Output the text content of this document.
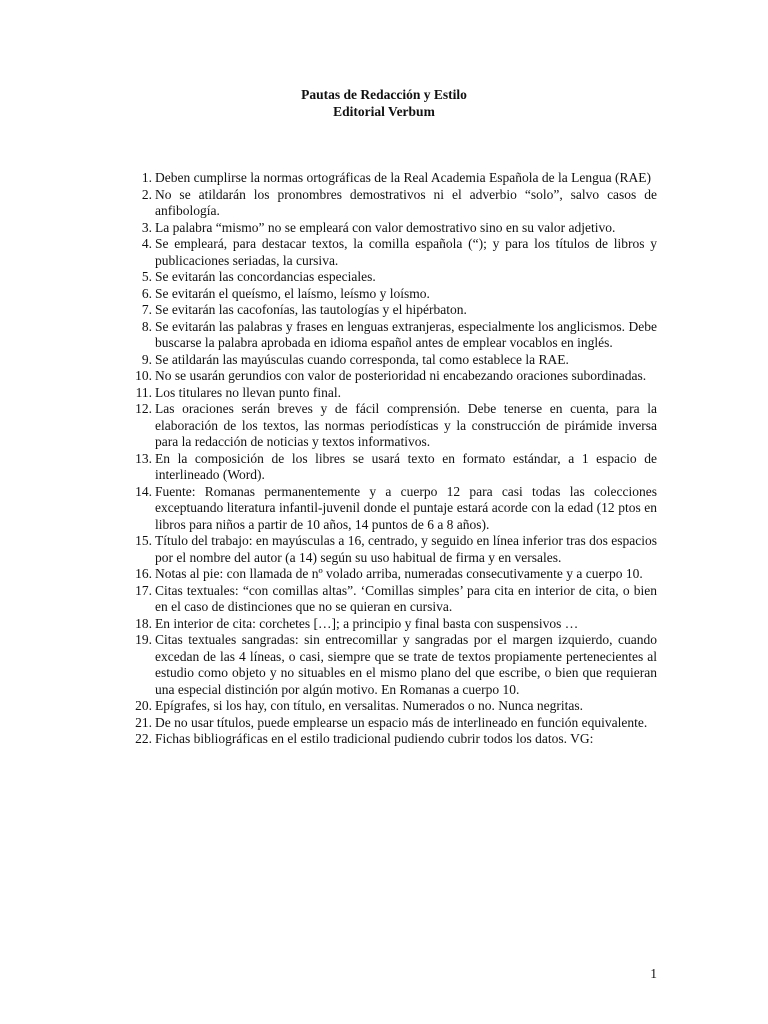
Pautas de Redacción y Estilo
Editorial Verbum
1. Deben cumplirse la normas ortográficas de la Real Academia Española de la Lengua (RAE)
2. No se atildarán los pronombres demostrativos ni el adverbio “solo”, salvo casos de anfibología.
3. La palabra “mismo” no se empleará con valor demostrativo sino en su valor adjetivo.
4. Se empleará, para destacar textos, la comilla española (“); y para los títulos de libros y publicaciones seriadas, la cursiva.
5. Se evitarán las concordancias especiales.
6. Se evitarán el queísmo, el laísmo, leísmo y loísmo.
7. Se evitarán las cacofonías, las tautologías y el hipérbaton.
8. Se evitarán las palabras y frases en lenguas extranjeras, especialmente los anglicismos. Debe buscarse la palabra aprobada en idioma español antes de emplear vocablos en inglés.
9. Se atildarán las mayúsculas cuando corresponda, tal como establece la RAE.
10. No se usarán gerundios con valor de posterioridad ni encabezando oraciones subordinadas.
11. Los titulares no llevan punto final.
12. Las oraciones serán breves y de fácil comprensión. Debe tenerse en cuenta, para la elaboración de los textos, las normas periodísticas y la construcción de pirámide inversa para la redacción de noticias y textos informativos.
13. En la composición de los libres se usará texto en formato estándar, a 1 espacio de interlineado (Word).
14. Fuente: Romanas permanentemente y a cuerpo 12 para casi todas las colecciones exceptuando literatura infantil-juvenil donde el puntaje estará acorde con la edad (12 ptos en libros para niños a partir de 10 años, 14 puntos de 6 a 8 años).
15. Título del trabajo: en mayúsculas a 16, centrado, y seguido en línea inferior tras dos espacios por el nombre del autor (a 14) según su uso habitual de firma y en versales.
16. Notas al pie: con llamada de nº volado arriba, numeradas consecutivamente y a cuerpo 10.
17. Citas textuales: “con comillas altas”. ‘Comillas simples’ para cita en interior de cita, o bien en el caso de distinciones que no se quieran en cursiva.
18. En interior de cita: corchetes […]; a principio y final basta con suspensivos …
19. Citas textuales sangradas: sin entrecomillar y sangradas por el margen izquierdo, cuando excedan de las 4 líneas, o casi, siempre que se trate de textos propiamente pertenecientes al estudio como objeto y no situables en el mismo plano del que escribe, o bien que requieran una especial distinción por algún motivo. En Romanas a cuerpo 10.
20. Epígrafes, si los hay, con título, en versalitas. Numerados o no. Nunca negritas.
21. De no usar títulos, puede emplearse un espacio más de interlineado en función equivalente.
22. Fichas bibliográficas en el estilo tradicional pudiendo cubrir todos los datos. VG:
1
